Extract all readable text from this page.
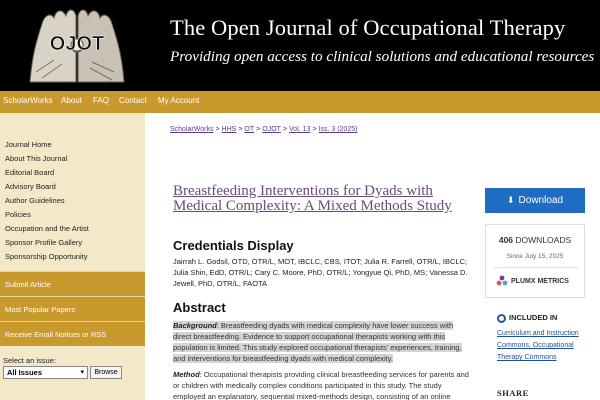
OJOT
The Open Journal of Occupational Therapy
Providing open access to clinical solutions and educational resources
ScholarWorks About FAQ Contact My Account
Journal Home
About This Journal
Editorial Board
Advisory Board
Author Guidelines
Policies
Occupation and the Artist
Sponsor Profile Gallery
Sponsorship Opportunity
Submit Article
Most Popular Papers
Receive Email Notices or RSS
Select an issue:
All Issues	▾	Browse
ScholarWorks > HHS > OT > OJOT > Vol. 13 > Iss. 3 (2025)
Breastfeeding Interventions for Dyads with Medical Complexity: A Mixed Methods Study
Credentials Display
Jairrah L. Godsil, OTD, OTR/L, MOT, IBCLC, CBS, ITOT; Julia R. Farrell, OTR/L, IBCLC; Julia Shin, EdD, OTR/L; Cary C. Moore, PhD, OTR/L; Yongyue Qi, PhD, MS; Vanessa D. Jewell, PhD, OTR/L, FAOTA
Abstract
Background: Breastfeeding dyads with medical complexity have lower success with direct breastfeeding. Evidence to support occupational therapists working with this population is limited. This study explored occupational therapists' experiences, training, and interventions for breastfeeding dyads with medical complexity.
Method: Occupational therapists providing clinical breastfeeding services for parents and or children with medically complex conditions participated in this study. The study employed an explanatory, sequential mixed-methods design, consisting of an online
⬇ Download
406 DOWNLOADS
Since July 15, 2025
PLUMX METRICS
INCLUDED IN
Curriculum and Instruction
Commons, Occupational
Therapy Commons
SHARE
